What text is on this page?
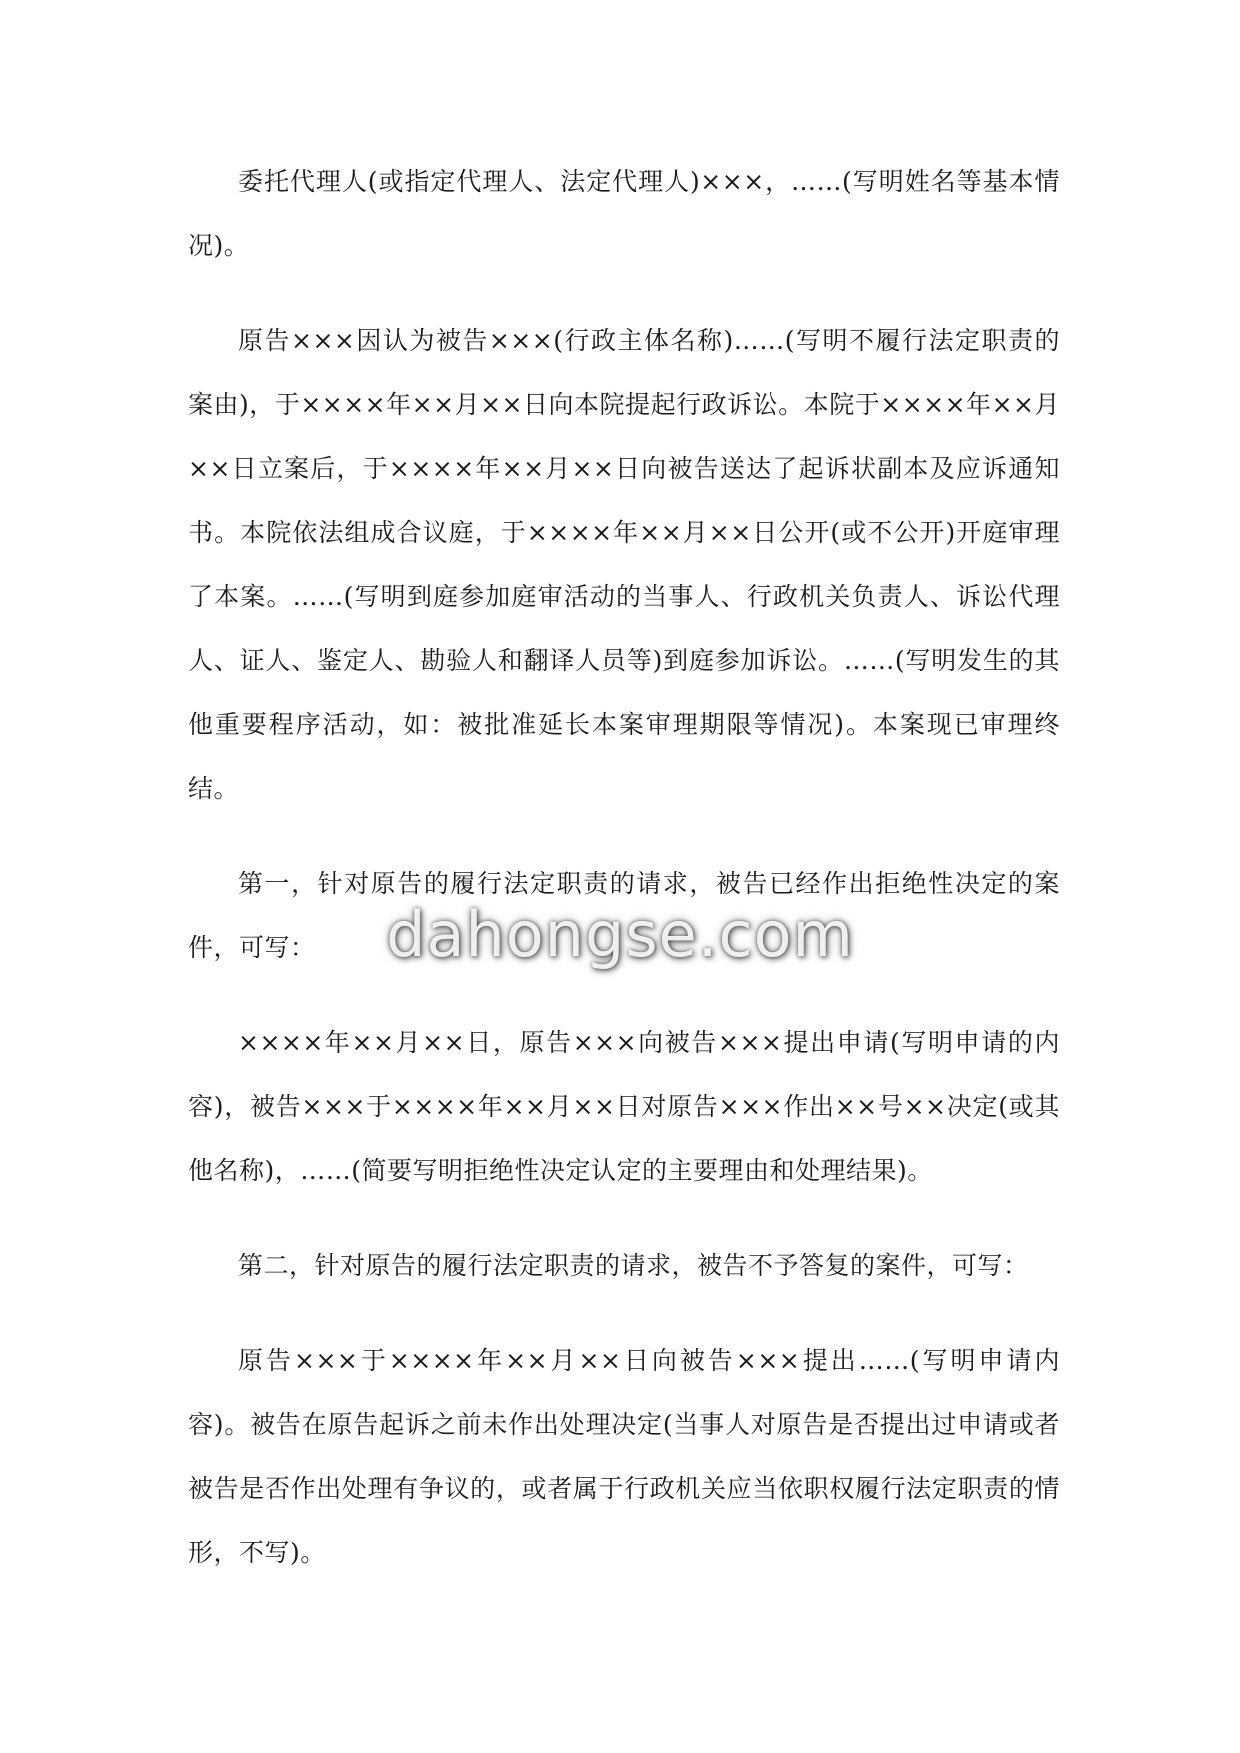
委托代理人(或指定代理人、法定代理人)×××，……(写明姓名等基本情况)。

原告×××因认为被告×××(行政主体名称)……(写明不履行法定职责的案由)，于××××年××月××日向本院提起行政诉讼。本院于××××年××月××日立案后，于××××年××月××日向被告送达了起诉状副本及应诉通知书。本院依法组成合议庭，于××××年××月××日公开(或不公开)开庭审理了本案。……(写明到庭参加庭审活动的当事人、行政机关负责人、诉讼代理人、证人、鉴定人、勘验人和翻译人员等)到庭参加诉讼。……(写明发生的其他重要程序活动，如：被批准延长本案审理期限等情况)。本案现已审理终结。

第一，针对原告的履行法定职责的请求，被告已经作出拒绝性决定的案件，可写：

××××年××月××日，原告×××向被告×××提出申请(写明申请的内容)，被告×××于××××年××月××日对原告×××作出××号××决定(或其他名称)，……(简要写明拒绝性决定认定的主要理由和处理结果)。

第二，针对原告的履行法定职责的请求，被告不予答复的案件，可写：

原告×××于××××年××月××日向被告×××提出……(写明申请内容)。被告在原告起诉之前未作出处理决定(当事人对原告是否提出过申请或者被告是否作出处理有争议的，或者属于行政机关应当依职权履行法定职责的情形，不写)。

dahongse.com
